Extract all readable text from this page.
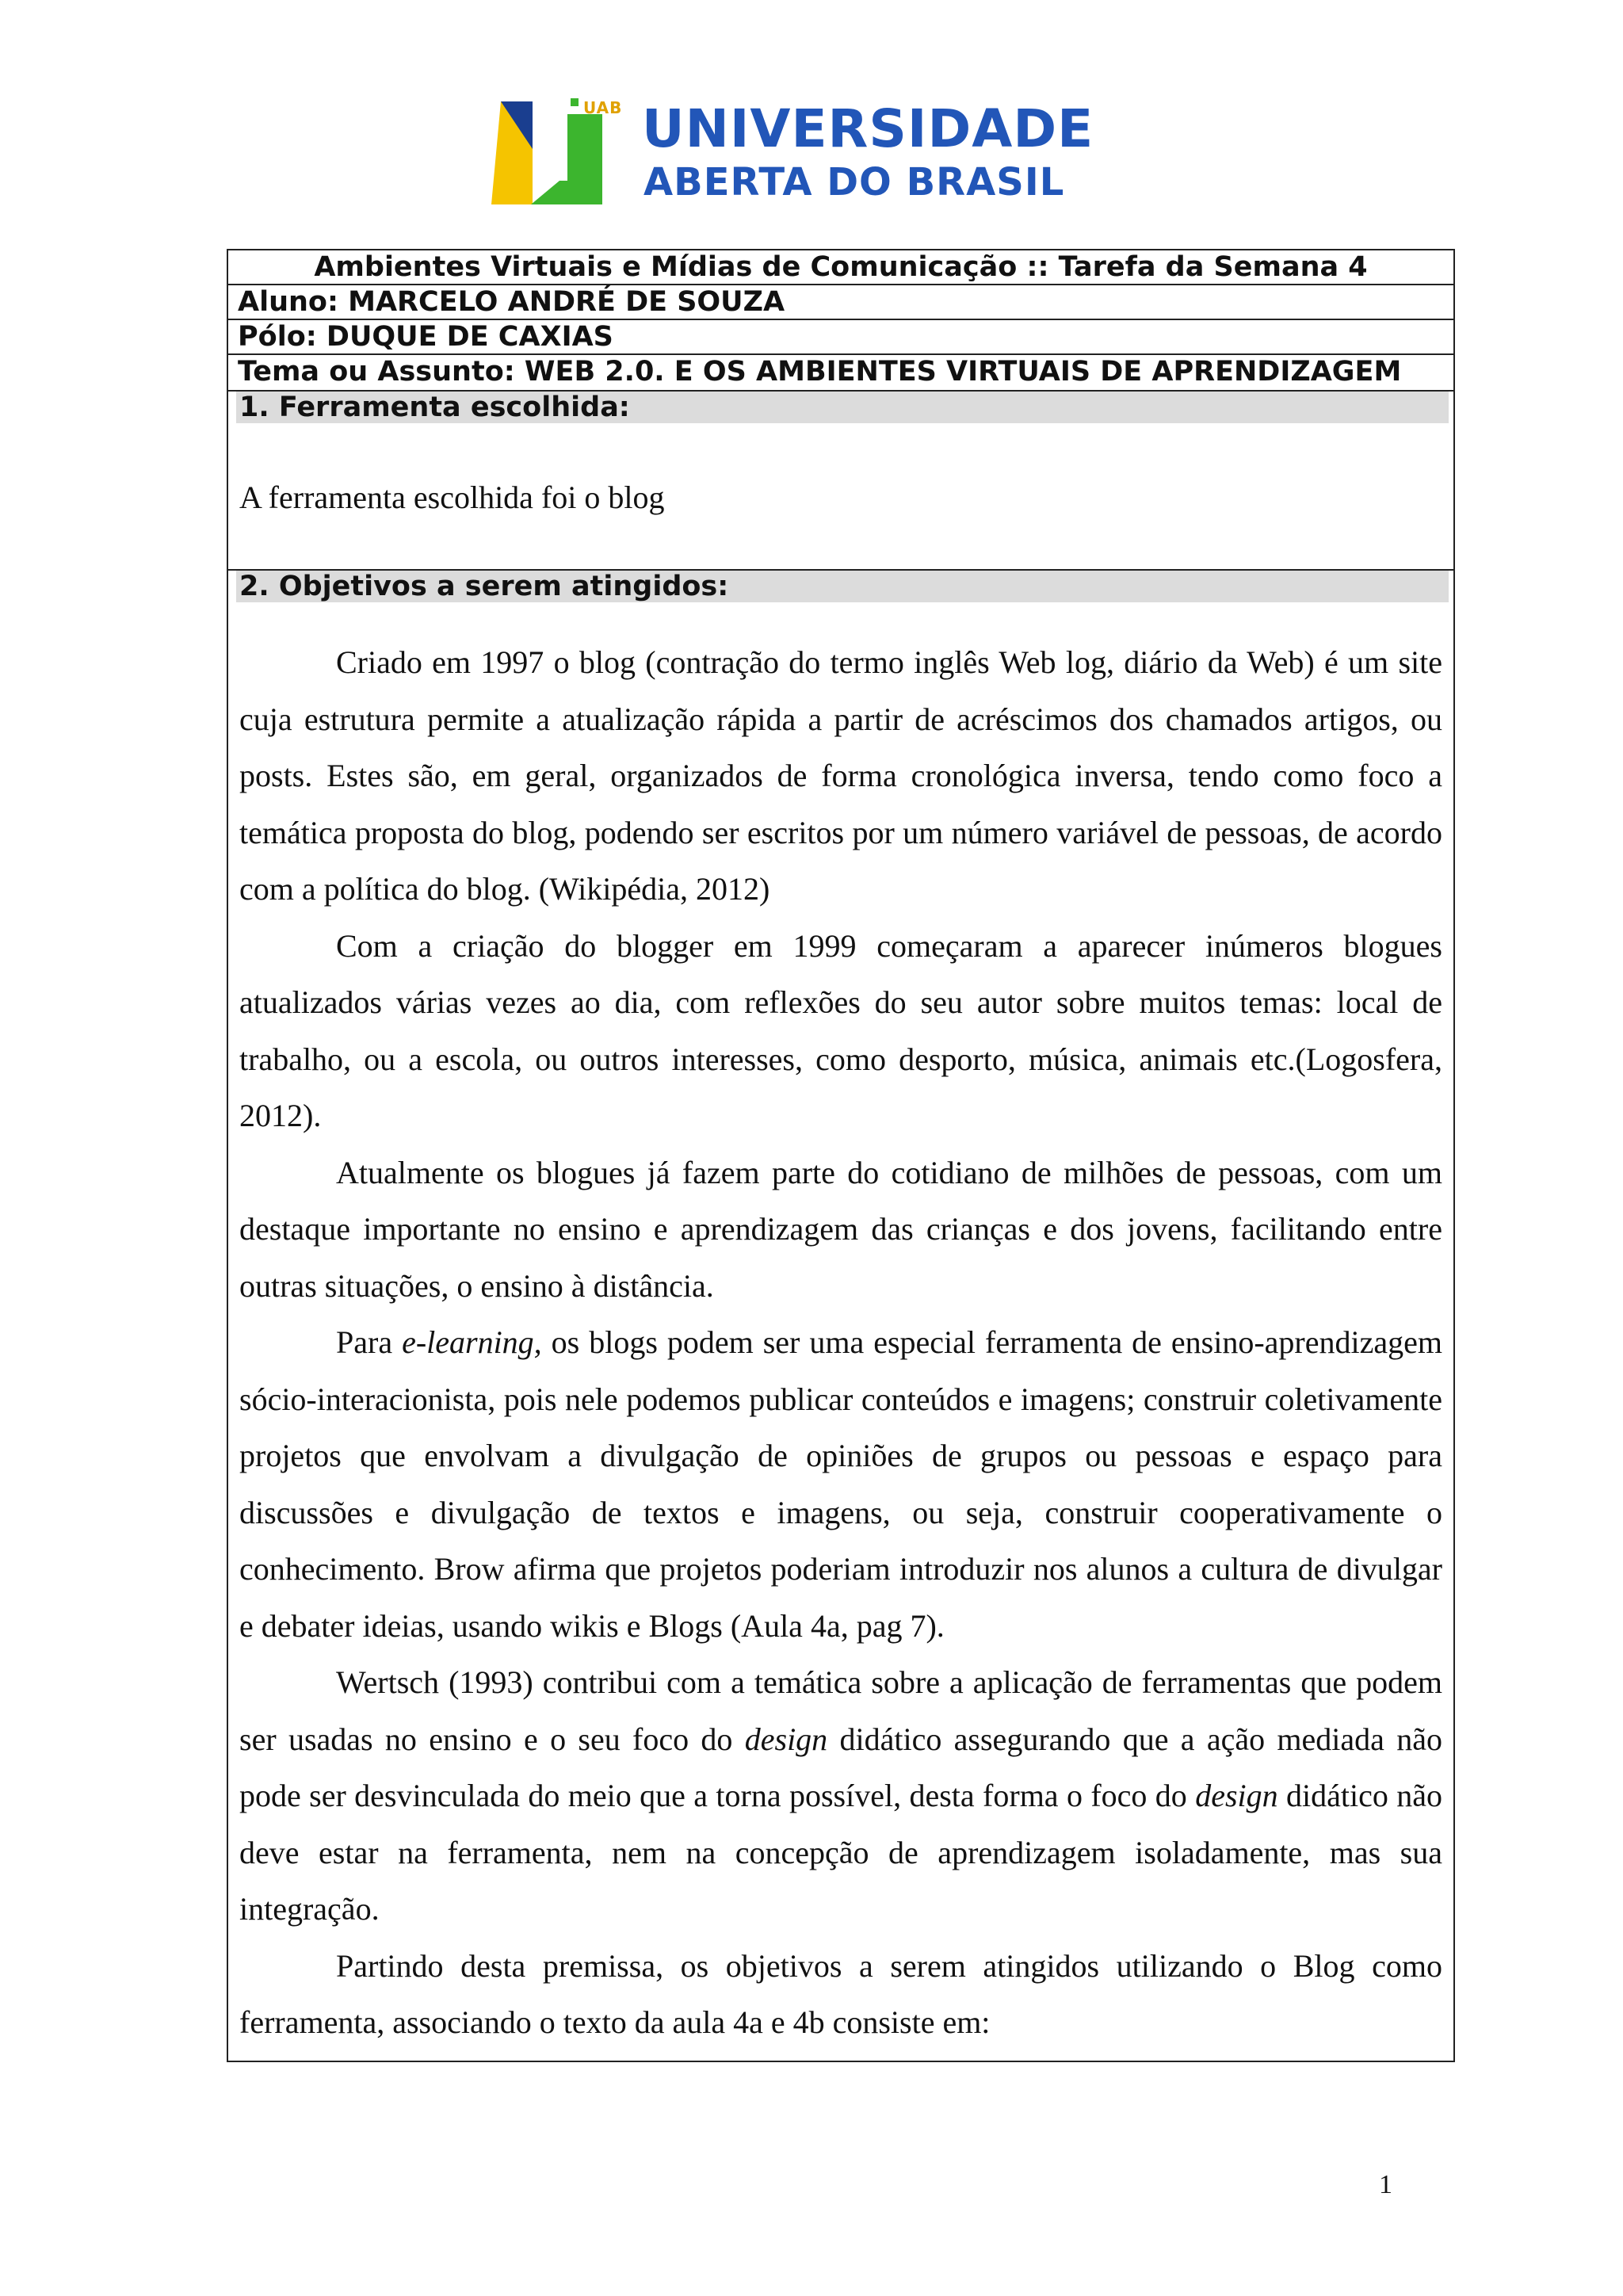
UAB UNIVERSIDADE
ABERTA DO BRASIL
Ambientes Virtuais e Mídias de Comunicação :: Tarefa da Semana 4
Aluno: MARCELO ANDRÉ DE SOUZA
Pólo: DUQUE DE CAXIAS
Tema ou Assunto: WEB 2.0. E OS AMBIENTES VIRTUAIS DE APRENDIZAGEM
1. Ferramenta escolhida:
A ferramenta escolhida foi o blog
2. Objetivos a serem atingidos:

Criado em 1997 o blog (contração do termo inglês Web log, diário da Web) é um site cuja estrutura permite a atualização rápida a partir de acréscimos dos chamados artigos, ou posts. Estes são, em geral, organizados de forma cronológica inversa, tendo como foco a temática proposta do blog, podendo ser escritos por um número variável de pessoas, de acordo com a política do blog. (Wikipédia, 2012)

Com a criação do blogger em 1999 começaram a aparecer inúmeros blogues atualizados várias vezes ao dia, com reflexões do seu autor sobre muitos temas: local de trabalho, ou a escola, ou outros interesses, como desporto, música, animais etc.(Logosfera, 2012).

Atualmente os blogues já fazem parte do cotidiano de milhões de pessoas, com um destaque importante no ensino e aprendizagem das crianças e dos jovens, facilitando entre outras situações, o ensino à distância.

Para e-learning, os blogs podem ser uma especial ferramenta de ensino-aprendizagem sócio-interacionista, pois nele podemos publicar conteúdos e imagens; construir coletivamente projetos que envolvam a divulgação de opiniões de grupos ou pessoas e espaço para discussões e divulgação de textos e imagens, ou seja, construir cooperativamente o conhecimento. Brow afirma que projetos poderiam introduzir nos alunos a cultura de divulgar e debater ideias, usando wikis e Blogs (Aula 4a, pag 7).

Wertsch (1993) contribui com a temática sobre a aplicação de ferramentas que podem ser usadas no ensino e o seu foco do design didático assegurando que a ação mediada não pode ser desvinculada do meio que a torna possível, desta forma o foco do design didático não deve estar na ferramenta, nem na concepção de aprendizagem isoladamente, mas sua integração.

Partindo desta premissa, os objetivos a serem atingidos utilizando o Blog como ferramenta, associando o texto da aula 4a e 4b consiste em:

1
